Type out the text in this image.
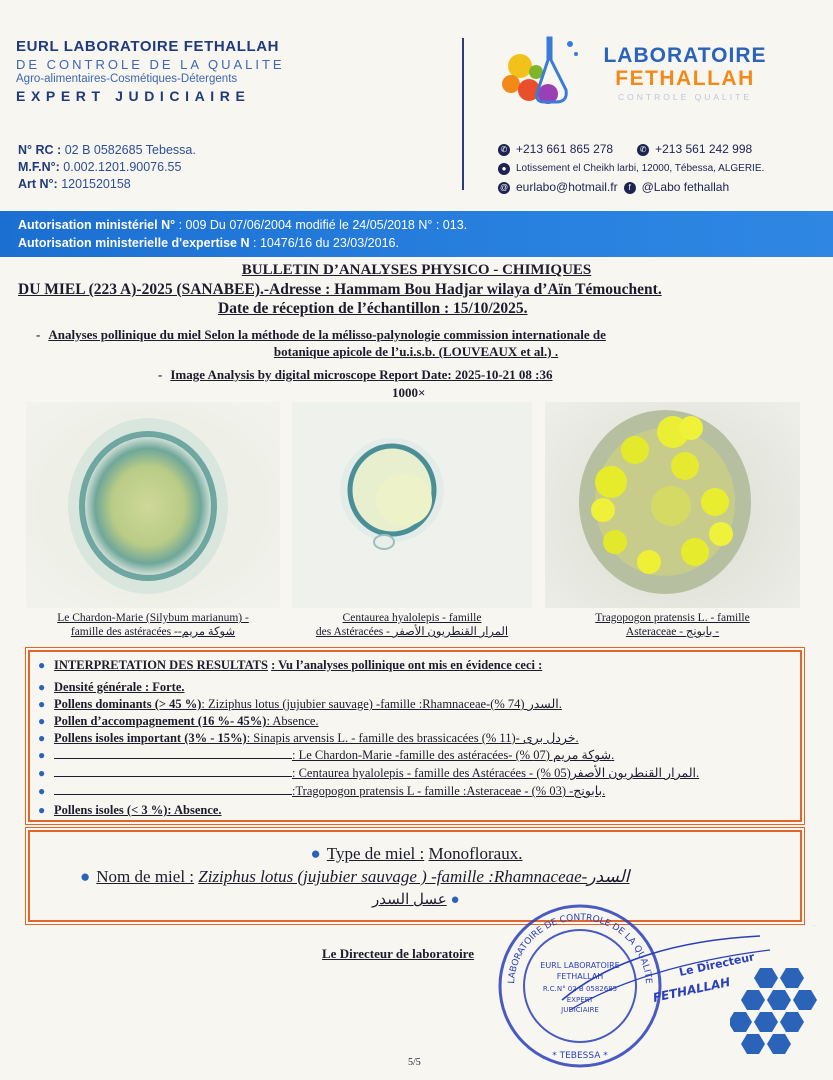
EURL LABORATOIRE FETHALLAH
DE CONTROLE DE LA QUALITE
Agro-alimentaires-Cosmétiques-Détergents
EXPERT JUDICIAIRE
N° RC : 02 B 0582685 Tebessa.
M.F.N°: 0.002.1201.90076.55
Art N°: 1201520158
LABORATOIRE
FETHALLAH
CONTROLE QUALITE
✆ +213 661 865 278	✆ +213 561 242 998
● Lotissement el Cheikh larbi, 12000, Tébessa, ALGERIE.
@ eurlabo@hotmail.fr	f @Labo fethallah
Autorisation ministériel N° : 009 Du 07/06/2004 modifié le 24/05/2018 N° : 013.
Autorisation ministerielle d'expertise N : 10476/16 du 23/03/2016.
BULLETIN D’ANALYSES PHYSICO - CHIMIQUES
DU MIEL (223 A)-2025 (SANABEE).-Adresse : Hammam Bou Hadjar wilaya d’Aïn Témouchent.
Date de réception de l’échantillon : 15/10/2025.
- Analyses pollinique du miel Selon la méthode de la mélisso-palynologie commission internationale de
botanique apicole de l’u.i.s.b. (LOUVEAUX et al.) .
- Image Analysis by digital microscope Report Date: 2025-10-21 08 :36
1000×
Le Chardon-Marie (Silybum marianum) -
famille des astéracées --شوكة مريم
Centaurea hyalolepis - famille
des Astéracées - المرار القنطريون الأصفر
Tragopogon pratensis L. - famille
Asteraceae - بابونج -
● INTERPRETATION DES RESULTATS : Vu l’analyses pollinique ont mis en évidence ceci :
● Densité générale : Forte.
● Pollens dominants (> 45 %): Ziziphus lotus (jujubier sauvage) -famille :Rhamnaceae-السدر (74 %).
● Pollen d’accompagnement (16 %- 45%): Absence.
● Pollens isoles important (3% - 15%): Sinapis arvensis L. - famille des brassicacées خردل برى -(11 %).
●	: Le Chardon-Marie -famille des astéracées- شوكة مريم (07 %).
●	: Centaurea hyalolepis - famille des Astéracées - المرار القنطريون الأصفر(05 %).
●	:Tragopogon pratensis L - famille :Asteraceae - بابونج- (03 %).
● Pollens isoles (< 3 %): Absence.
● Type de miel : Monofloraux.
● Nom de miel : Ziziphus lotus (jujubier sauvage ) -famille :Rhamnaceae-السدر
عسل السدر ●
Le Directeur de laboratoire
LABORATOIRE DE CONTROLE DE LA QUALITE
EURL LABORATOIRE
FETHALLAH
R.C.N° 02 B 0582685
EXPERT
JUDICIAIRE
* TEBESSA *
Le Directeur
FETHALLAH
5/5
